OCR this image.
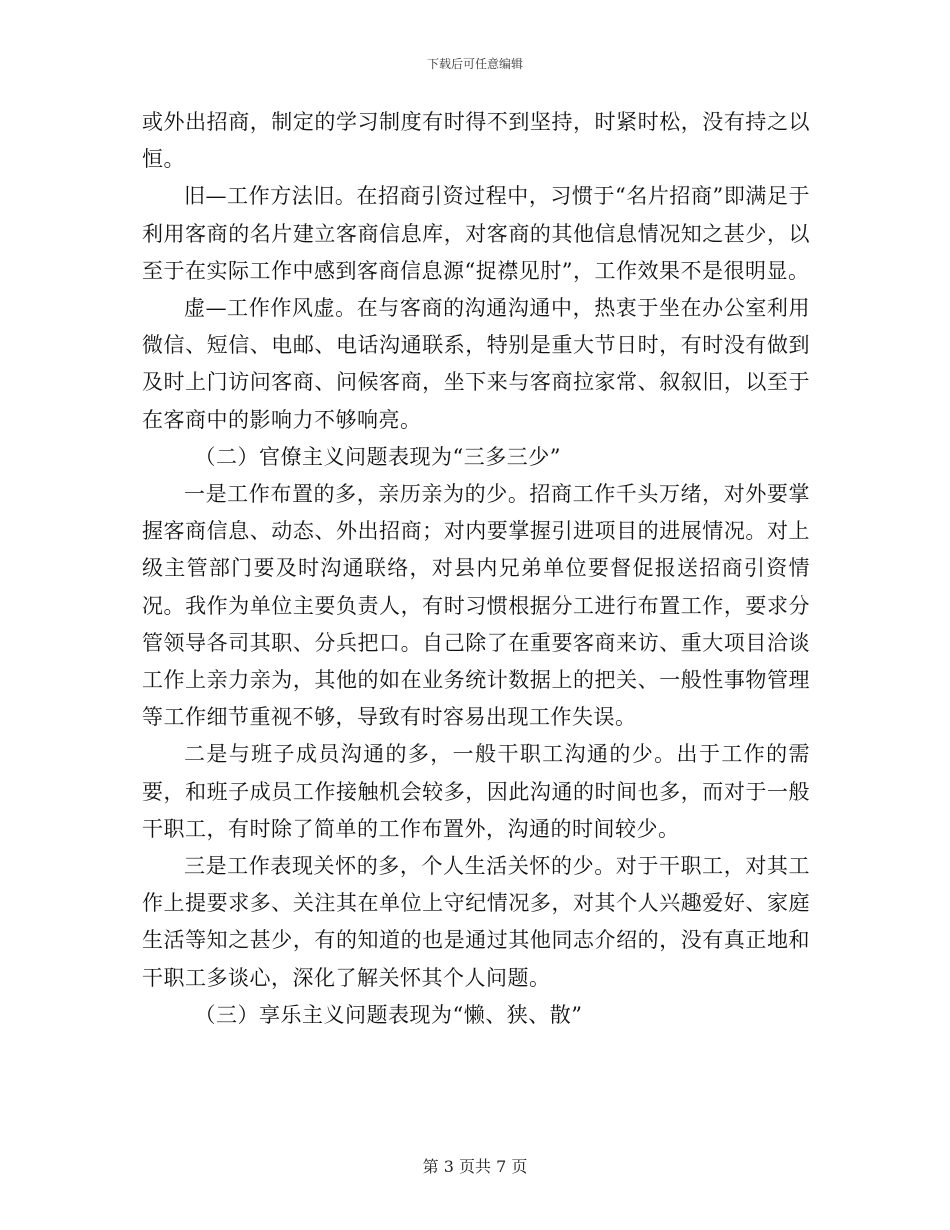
下载后可任意编辑

或外出招商，制定的学习制度有时得不到坚持，时紧时松，没有持之以恒。

旧—工作方法旧。在招商引资过程中，习惯于“名片招商”即满足于利用客商的名片建立客商信息库，对客商的其他信息情况知之甚少，以至于在实际工作中感到客商信息源“捉襟见肘”，工作效果不是很明显。

虚—工作作风虚。在与客商的沟通沟通中，热衷于坐在办公室利用微信、短信、电邮、电话沟通联系，特别是重大节日时，有时没有做到及时上门访问客商、问候客商，坐下来与客商拉家常、叙叙旧，以至于在客商中的影响力不够响亮。

（二）官僚主义问题表现为“三多三少”

一是工作布置的多，亲历亲为的少。招商工作千头万绪，对外要掌握客商信息、动态、外出招商；对内要掌握引进项目的进展情况。对上级主管部门要及时沟通联络，对县内兄弟单位要督促报送招商引资情况。我作为单位主要负责人，有时习惯根据分工进行布置工作，要求分管领导各司其职、分兵把口。自己除了在重要客商来访、重大项目洽谈工作上亲力亲为，其他的如在业务统计数据上的把关、一般性事物管理等工作细节重视不够，导致有时容易出现工作失误。

二是与班子成员沟通的多，一般干职工沟通的少。出于工作的需要，和班子成员工作接触机会较多，因此沟通的时间也多，而对于一般干职工，有时除了简单的工作布置外，沟通的时间较少。

三是工作表现关怀的多，个人生活关怀的少。对于干职工，对其工作上提要求多、关注其在单位上守纪情况多，对其个人兴趣爱好、家庭生活等知之甚少，有的知道的也是通过其他同志介绍的，没有真正地和干职工多谈心，深化了解关怀其个人问题。

（三）享乐主义问题表现为“懒、狭、散”

第 3 页共 7 页
